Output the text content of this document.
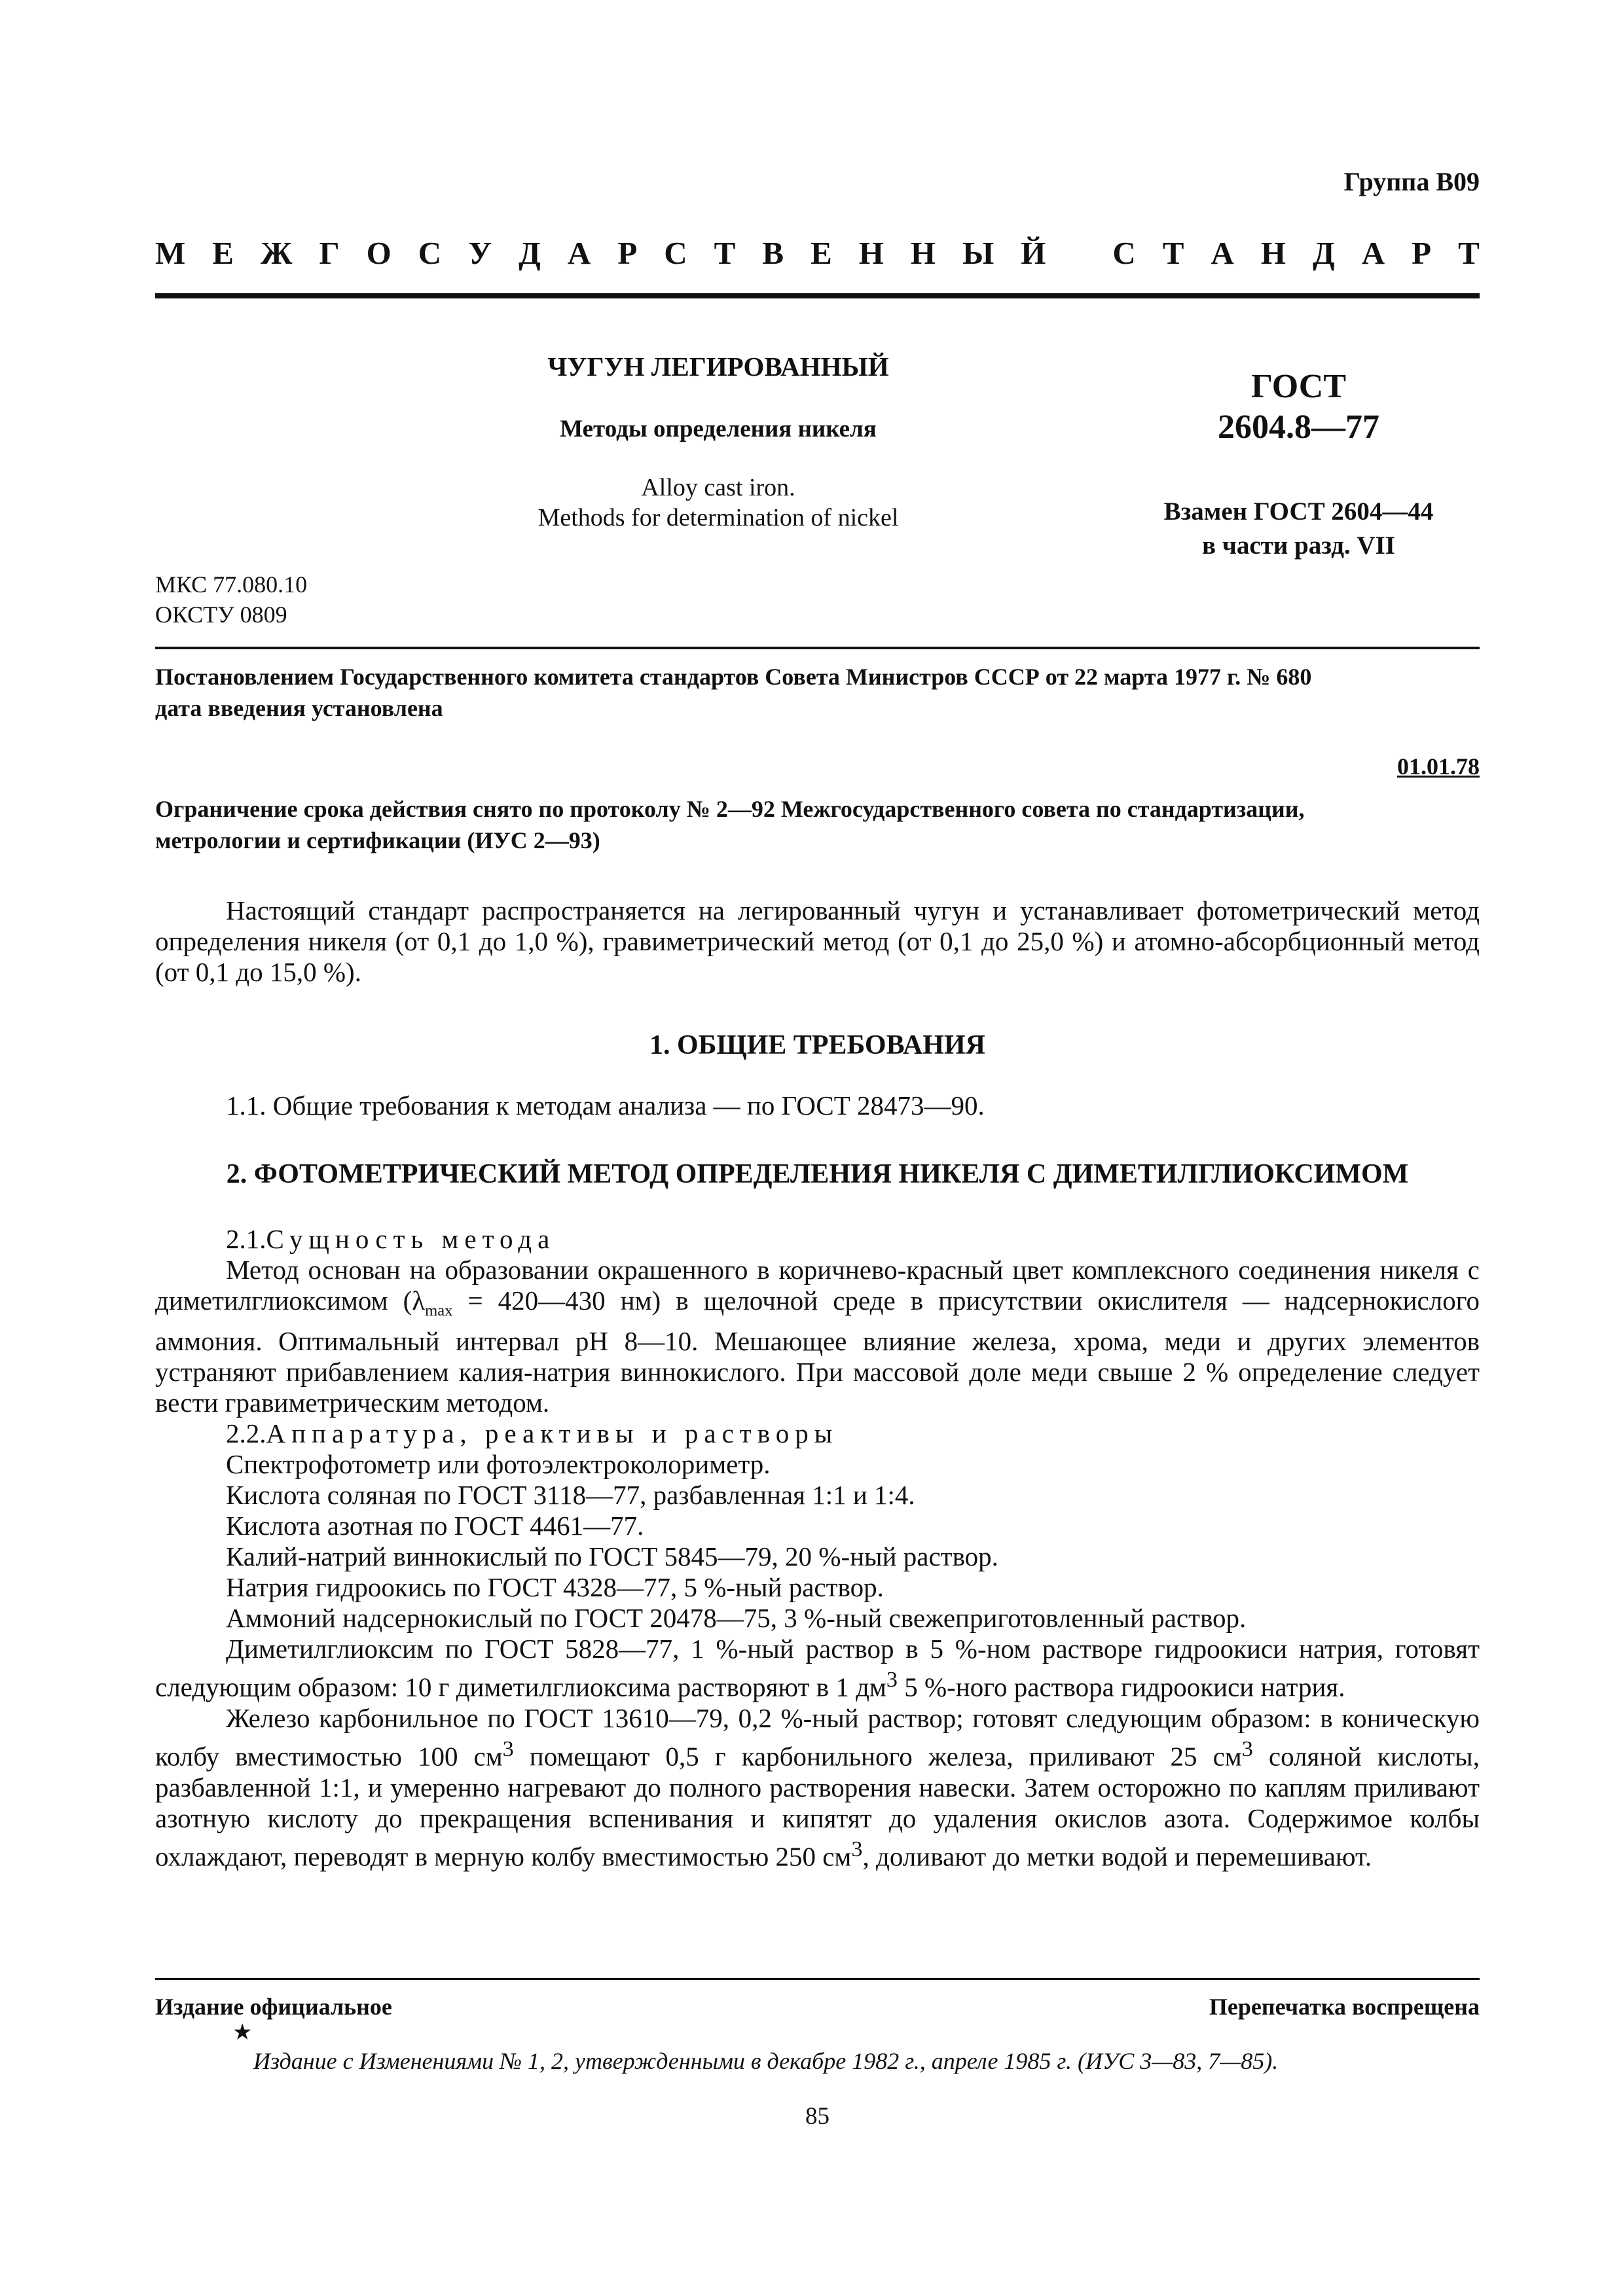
Группа В09
М Е Ж Г О С У Д А Р С Т В Е Н Н Ы Й С Т А Н Д А Р Т
ЧУГУН ЛЕГИРОВАННЫЙ
Методы определения никеля
Alloy cast iron.
Methods for determination of nickel
ГОСТ
2604.8—77
Взамен ГОСТ 2604—44
в части разд. VII
МКС 77.080.10
ОКСТУ 0809
Постановлением Государственного комитета стандартов Совета Министров СССР от 22 марта 1977 г. № 680
дата введения установлена
01.01.78
Ограничение срока действия снято по протоколу № 2—92 Межгосударственного совета по стандартизации,
метрологии и сертификации (ИУС 2—93)

Настоящий стандарт распространяется на легированный чугун и устанавливает фотометрический метод определения никеля (от 0,1 до 1,0 %), гравиметрический метод (от 0,1 до 25,0 %) и атомно-абсорбционный метод (от 0,1 до 15,0 %).

1. ОБЩИЕ ТРЕБОВАНИЯ

1.1. Общие требования к методам анализа — по ГОСТ 28473—90.

2. ФОТОМЕТРИЧЕСКИЙ МЕТОД ОПРЕДЕЛЕНИЯ НИКЕЛЯ С ДИМЕТИЛГЛИОКСИМОМ

2.1.Сущность метода

Метод основан на образовании окрашенного в коричнево-красный цвет комплексного соединения никеля с диметилглиоксимом ($\lambda_{max}$ = 420—430 нм) в щелочной среде в присутствии окислителя — надсернокислого аммония. Оптимальный интервал pH 8—10. Мешающее влияние железа, хрома, меди и других элементов устраняют прибавлением калия-натрия виннокислого. При массовой доле меди свыше 2 % определение следует вести гравиметрическим методом.

2.2.Аппаратура, реактивы и растворы

Спектрофотометр или фотоэлектроколориметр.

Кислота соляная по ГОСТ 3118—77, разбавленная 1:1 и 1:4.

Кислота азотная по ГОСТ 4461—77.

Калий-натрий виннокислый по ГОСТ 5845—79, 20 %-ный раствор.

Натрия гидроокись по ГОСТ 4328—77, 5 %-ный раствор.

Аммоний надсернокислый по ГОСТ 20478—75, 3 %-ный свежеприготовленный раствор.

Диметилглиоксим по ГОСТ 5828—77, 1 %-ный раствор в 5 %-ном растворе гидроокиси натрия, готовят следующим образом: 10 г диметилглиоксима растворяют в 1 $дм^3$ 5 %-ного раствора гидроокиси натрия.

Железо карбонильное по ГОСТ 13610—79, 0,2 %-ный раствор; готовят следующим образом: в коническую колбу вместимостью 100 $см^3$ помещают 0,5 г карбонильного железа, приливают 25 $см^3$ соляной кислоты, разбавленной 1:1, и умеренно нагревают до полного растворения навески. Затем осторожно по каплям приливают азотную кислоту до прекращения вспенивания и кипятят до удаления окислов азота. Содержимое колбы охлаждают, переводят в мерную колбу вместимостью 250 $см^3$, доливают до метки водой и перемешивают.

Издание официальное	Перепечатка воспрещена
★
Издание с Изменениями № 1, 2, утвержденными в декабре 1982 г., апреле 1985 г. (ИУС 3—83, 7—85).
85
